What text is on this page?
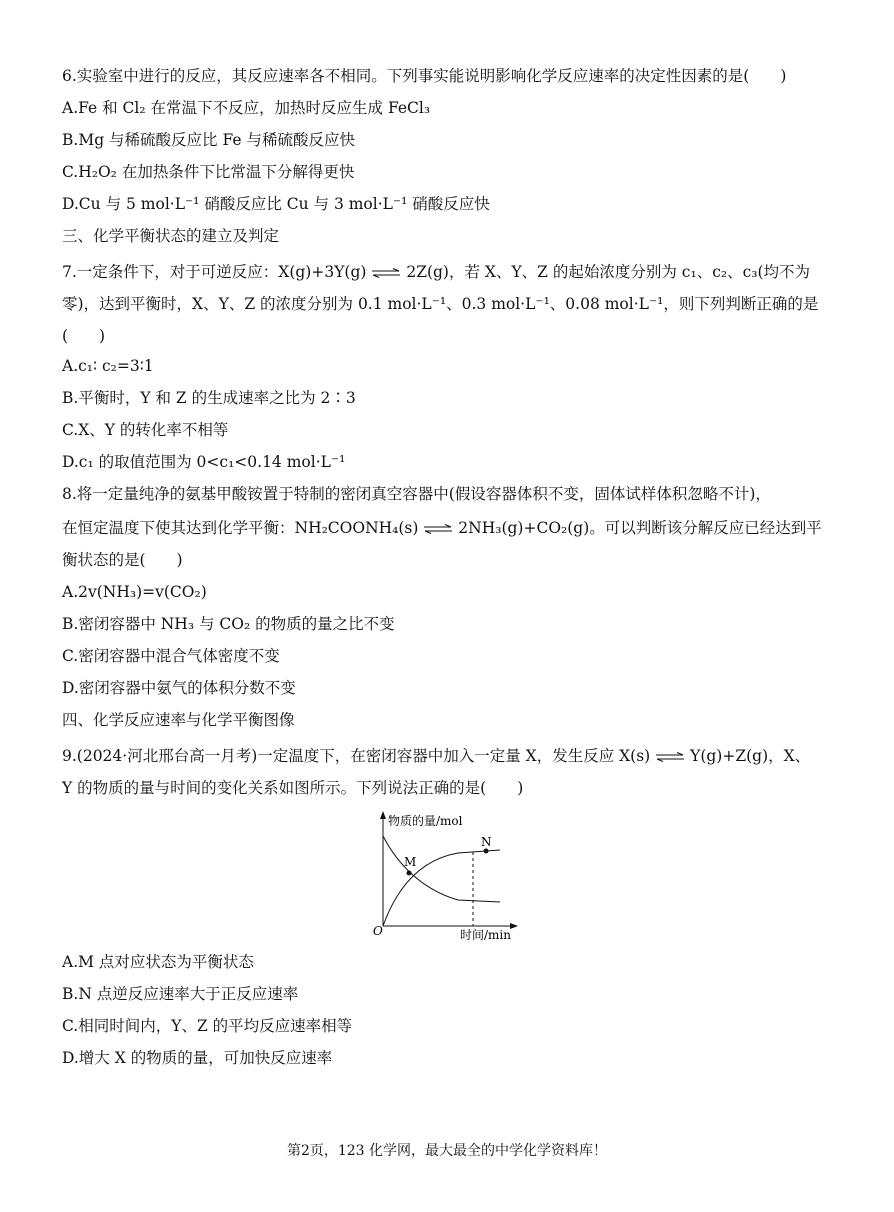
6.实验室中进行的反应，其反应速率各不相同。下列事实能说明影响化学反应速率的决定性因素的是(　　)
A.Fe 和 Cl₂ 在常温下不反应，加热时反应生成 FeCl₃
B.Mg 与稀硫酸反应比 Fe 与稀硫酸反应快
C.H₂O₂ 在加热条件下比常温下分解得更快
D.Cu 与 5 mol·L⁻¹ 硝酸反应比 Cu 与 3 mol·L⁻¹ 硝酸反应快
三、化学平衡状态的建立及判定
7.一定条件下，对于可逆反应：X(g)+3Y(g) ⇌ 2Z(g)，若 X、Y、Z 的起始浓度分别为 c₁、c₂、c₃(均不为
零)，达到平衡时，X、Y、Z 的浓度分别为 0.1 mol·L⁻¹、0.3 mol·L⁻¹、0.08 mol·L⁻¹，则下列判断正确的是
(　　)
A.c₁∶ c₂=3∶1
B.平衡时，Y 和 Z 的生成速率之比为 2∶3
C.X、Y 的转化率不相等
D.c₁ 的取值范围为 0<c₁<0.14 mol·L⁻¹
8.将一定量纯净的氨基甲酸铵置于特制的密闭真空容器中(假设容器体积不变，固体试样体积忽略不计)，
在恒定温度下使其达到化学平衡：NH₂COONH₄(s) ⇌ 2NH₃(g)+CO₂(g)。可以判断该分解反应已经达到平
衡状态的是(　　)
A.2v(NH₃)=v(CO₂)
B.密闭容器中 NH₃ 与 CO₂ 的物质的量之比不变
C.密闭容器中混合气体密度不变
D.密闭容器中氨气的体积分数不变
四、化学反应速率与化学平衡图像
9.(2024·河北邢台高一月考)一定温度下，在密闭容器中加入一定量 X，发生反应 X(s) ⇌ Y(g)+Z(g)，X、
Y 的物质的量与时间的变化关系如图所示。下列说法正确的是(　　)
物质的量/mol
时间/min
O
M
N
A.M 点对应状态为平衡状态
B.N 点逆反应速率大于正反应速率
C.相同时间内，Y、Z 的平均反应速率相等
D.增大 X 的物质的量，可加快反应速率
第2页，123 化学网，最大最全的中学化学资料库！
